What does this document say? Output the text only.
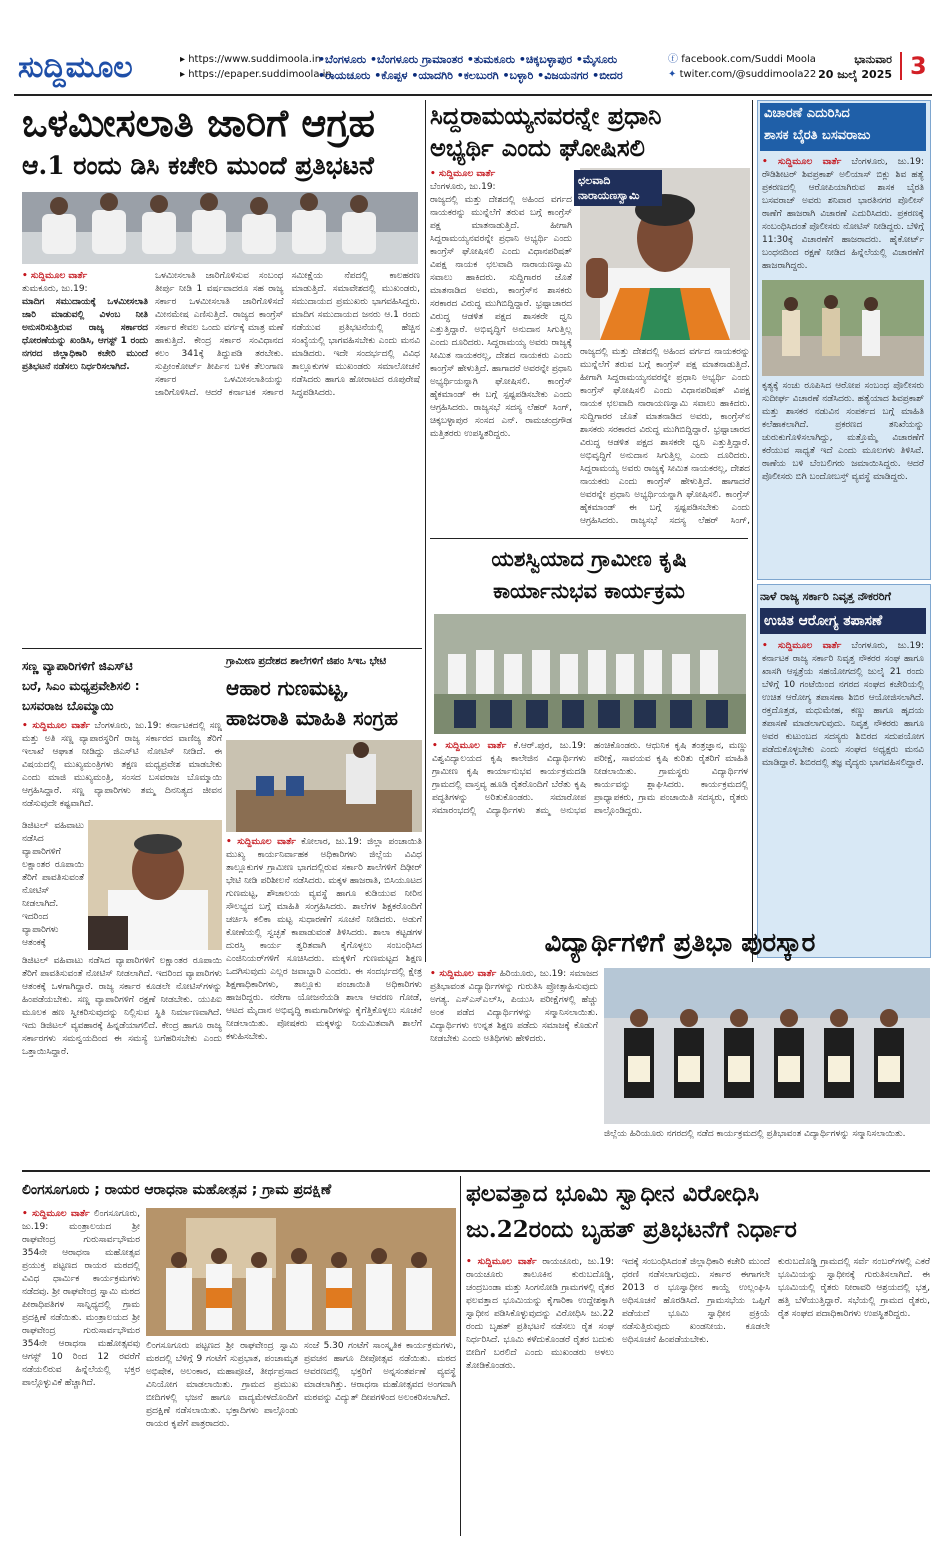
ಸುದ್ದಿಮೂಲ	▸ https://www.suddimoola.in
▸ https://epaper.suddimoola.in
•ಬೆಂಗಳೂರು •ಬೆಂಗಳೂರು ಗ್ರಾಮಾಂತರ •ತುಮಕೂರು •ಚಿಕ್ಕಬಳ್ಳಾಪುರ •ಮೈಸೂರು
•ರಾಯಚೂರು •ಕೊಪ್ಪಳ •ಯಾದಗಿರಿ •ಕಲಬುರಗಿ •ಬಳ್ಳಾರಿ •ವಿಜಯನಗರ •ಬೀದರ
ⓕ facebook.com/Suddi Moola
✦ twiter.com/@suddimoola22
ಭಾನುವಾರ
20 ಜುಲೈ 2025 3
ಒಳಮೀಸಲಾತಿ ಜಾರಿಗೆ ಆಗ್ರಹ
ಆ.1 ರಂದು ಡಿಸಿ ಕಚೇರಿ ಮುಂದೆ ಪ್ರತಿಭಟನೆ
• ಸುದ್ದಿಮೂಲ ವಾರ್ತೆ
ತುಮಕೂರು, ಜು.19:
ಮಾದಿಗ ಸಮುದಾಯಕ್ಕೆ ಒಳಮೀಸಲಾತಿ ಜಾರಿ ಮಾಡುವಲ್ಲಿ ವಿಳಂಬ ನೀತಿ ಅನುಸರಿಸುತ್ತಿರುವ ರಾಜ್ಯ ಸರ್ಕಾರದ ಧೋರಣೆಯನ್ನು ಖಂಡಿಸಿ, ಆಗಸ್ಟ್ 1 ರಂದು ನಗರದ ಜಿಲ್ಲಾಧಿಕಾರಿ ಕಚೇರಿ ಮುಂದೆ ಪ್ರತಿಭಟನೆ ನಡೆಸಲು ನಿರ್ಧರಿಸಲಾಗಿದೆ.
ಒಳಮೀಸಲಾತಿ ಜಾರಿಗೊಳಿಸುವ ಸಂಬಂಧ ತೀರ್ಪು ನೀಡಿ 1 ವರ್ಷವಾದರೂ ಸಹ ರಾಜ್ಯ ಸರ್ಕಾರ ಒಳಮೀಸಲಾತಿ ಜಾರಿಗೊಳಿಸದೆ ಮೀನಮೇಷ ಎಣಿಸುತ್ತಿದೆ. ರಾಜ್ಯದ ಕಾಂಗ್ರೆಸ್ ಸರ್ಕಾರ ಕೇವಲ ಒಂದು ವರ್ಗಕ್ಕೆ ಮಾತ್ರ ಮಣೆ ಹಾಕುತ್ತಿದೆ. ಕೇಂದ್ರ ಸರ್ಕಾರ ಸಂವಿಧಾನದ ಕಲಂ 341ಕ್ಕೆ ತಿದ್ದುಪಡಿ ತರಬೇಕು. ಸುಪ್ರೀಂಕೋರ್ಟ್ ತೀರ್ಪಿನ ಬಳಿಕ ತೆಲಂಗಾಣ ಸರ್ಕಾರ ಒಳಮೀಸಲಾತಿಯನ್ನು ಜಾರಿಗೊಳಿಸಿದೆ. ಆದರೆ ಕರ್ನಾಟಕ ಸರ್ಕಾರ ಸಮೀಕ್ಷೆಯ ನೆಪದಲ್ಲಿ ಕಾಲಹರಣ ಮಾಡುತ್ತಿದೆ. ಸಮಾವೇಶದಲ್ಲಿ ಮುಖಂಡರು, ಸಮುದಾಯದ ಪ್ರಮುಖರು ಭಾಗವಹಿಸಿದ್ದರು. ಮಾದಿಗ ಸಮುದಾಯದ ಜನರು ಆ.1 ರಂದು ನಡೆಯುವ ಪ್ರತಿಭಟನೆಯಲ್ಲಿ ಹೆಚ್ಚಿನ ಸಂಖ್ಯೆಯಲ್ಲಿ ಭಾಗವಹಿಸಬೇಕು ಎಂದು ಮನವಿ ಮಾಡಿದರು. ಇದೇ ಸಂದರ್ಭದಲ್ಲಿ ವಿವಿಧ ತಾಲ್ಲೂಕುಗಳ ಮುಖಂಡರು ಸಮಾಲೋಚನೆ ನಡೆಸಿದರು ಹಾಗೂ ಹೋರಾಟದ ರೂಪುರೇಷೆ ಸಿದ್ಧಪಡಿಸಿದರು.
ಸಿದ್ದರಾಮಯ್ಯನವರನ್ನೇ ಪ್ರಧಾನಿ
ಅಭ್ಯರ್ಥಿ ಎಂದು ಘೋಷಿಸಲಿ
ಛಲವಾದಿ
ನಾರಾಯಣಸ್ವಾಮಿ
• ಸುದ್ದಿಮೂಲ ವಾರ್ತೆ
ಬೆಂಗಳೂರು, ಜು.19:
ರಾಜ್ಯದಲ್ಲಿ ಮತ್ತು ದೇಶದಲ್ಲಿ ಅಹಿಂದ ವರ್ಗದ ನಾಯಕರನ್ನು ಮುನ್ನೆಲೆಗೆ ತರುವ ಬಗ್ಗೆ ಕಾಂಗ್ರೆಸ್ ಪಕ್ಷ ಮಾತನಾಡುತ್ತಿದೆ. ಹೀಗಾಗಿ ಸಿದ್ದರಾಮಯ್ಯನವರನ್ನೇ ಪ್ರಧಾನಿ ಅಭ್ಯರ್ಥಿ ಎಂದು ಕಾಂಗ್ರೆಸ್ ಘೋಷಿಸಲಿ ಎಂದು ವಿಧಾನಪರಿಷತ್ ವಿಪಕ್ಷ ನಾಯಕ ಛಲವಾದಿ ನಾರಾಯಣಸ್ವಾಮಿ ಸವಾಲು ಹಾಕಿದರು. ಸುದ್ದಿಗಾರರ ಜೊತೆ ಮಾತನಾಡಿದ ಅವರು, ಕಾಂಗ್ರೆಸ್‌ನ ಶಾಸಕರು ಸರಕಾರದ ವಿರುದ್ಧ ಮುಗಿಬಿದ್ದಿದ್ದಾರೆ. ಭ್ರಷ್ಟಾಚಾರದ ವಿರುದ್ಧ ಆಡಳಿತ ಪಕ್ಷದ ಶಾಸಕರೇ ಧ್ವನಿ ಎತ್ತುತ್ತಿದ್ದಾರೆ. ಅಭಿವೃದ್ಧಿಗೆ ಅನುದಾನ ಸಿಗುತ್ತಿಲ್ಲ ಎಂದು ದೂರಿದರು. ಸಿದ್ದರಾಮಯ್ಯ ಅವರು ರಾಜ್ಯಕ್ಕೆ ಸೀಮಿತ ನಾಯಕರಲ್ಲ, ದೇಶದ ನಾಯಕರು ಎಂದು ಕಾಂಗ್ರೆಸ್ ಹೇಳುತ್ತಿದೆ. ಹಾಗಾದರೆ ಅವರನ್ನೇ ಪ್ರಧಾನಿ ಅಭ್ಯರ್ಥಿಯನ್ನಾಗಿ ಘೋಷಿಸಲಿ. ಕಾಂಗ್ರೆಸ್ ಹೈಕಮಾಂಡ್ ಈ ಬಗ್ಗೆ ಸ್ಪಷ್ಟಪಡಿಸಬೇಕು ಎಂದು ಆಗ್ರಹಿಸಿದರು. ರಾಜ್ಯಸಭೆ ಸದಸ್ಯ ಲೆಹರ್ ಸಿಂಗ್, ಚಿಕ್ಕಬಳ್ಳಾಪುರ ಸಂಸದ ಎನ್. ರಾಮಚಂದ್ರಗೌಡ ಮತ್ತಿತರರು ಉಪಸ್ಥಿತರಿದ್ದರು.
ರಾಜ್ಯದಲ್ಲಿ ಮತ್ತು ದೇಶದಲ್ಲಿ ಅಹಿಂದ ವರ್ಗದ ನಾಯಕರನ್ನು ಮುನ್ನೆಲೆಗೆ ತರುವ ಬಗ್ಗೆ ಕಾಂಗ್ರೆಸ್ ಪಕ್ಷ ಮಾತನಾಡುತ್ತಿದೆ. ಹೀಗಾಗಿ ಸಿದ್ದರಾಮಯ್ಯನವರನ್ನೇ ಪ್ರಧಾನಿ ಅಭ್ಯರ್ಥಿ ಎಂದು ಕಾಂಗ್ರೆಸ್ ಘೋಷಿಸಲಿ ಎಂದು ವಿಧಾನಪರಿಷತ್ ವಿಪಕ್ಷ ನಾಯಕ ಛಲವಾದಿ ನಾರಾಯಣಸ್ವಾಮಿ ಸವಾಲು ಹಾಕಿದರು. ಸುದ್ದಿಗಾರರ ಜೊತೆ ಮಾತನಾಡಿದ ಅವರು, ಕಾಂಗ್ರೆಸ್‌ನ ಶಾಸಕರು ಸರಕಾರದ ವಿರುದ್ಧ ಮುಗಿಬಿದ್ದಿದ್ದಾರೆ. ಭ್ರಷ್ಟಾಚಾರದ ವಿರುದ್ಧ ಆಡಳಿತ ಪಕ್ಷದ ಶಾಸಕರೇ ಧ್ವನಿ ಎತ್ತುತ್ತಿದ್ದಾರೆ. ಅಭಿವೃದ್ಧಿಗೆ ಅನುದಾನ ಸಿಗುತ್ತಿಲ್ಲ ಎಂದು ದೂರಿದರು. ಸಿದ್ದರಾಮಯ್ಯ ಅವರು ರಾಜ್ಯಕ್ಕೆ ಸೀಮಿತ ನಾಯಕರಲ್ಲ, ದೇಶದ ನಾಯಕರು ಎಂದು ಕಾಂಗ್ರೆಸ್ ಹೇಳುತ್ತಿದೆ. ಹಾಗಾದರೆ ಅವರನ್ನೇ ಪ್ರಧಾನಿ ಅಭ್ಯರ್ಥಿಯನ್ನಾಗಿ ಘೋಷಿಸಲಿ. ಕಾಂಗ್ರೆಸ್ ಹೈಕಮಾಂಡ್ ಈ ಬಗ್ಗೆ ಸ್ಪಷ್ಟಪಡಿಸಬೇಕು ಎಂದು ಆಗ್ರಹಿಸಿದರು. ರಾಜ್ಯಸಭೆ ಸದಸ್ಯ ಲೆಹರ್ ಸಿಂಗ್,
ವಿಚಾರಣೆ ಎದುರಿಸಿದ
ಶಾಸಕ ಬೈರತಿ ಬಸವರಾಜು
• ಸುದ್ದಿಮೂಲ ವಾರ್ತೆ ಬೆಂಗಳೂರು, ಜು.19: ರೌಡಿಶೀಟರ್ ಶಿವಪ್ರಕಾಶ್ ಅಲಿಯಾಸ್ ಬಿಕ್ಲು ಶಿವ ಹತ್ಯೆ ಪ್ರಕರಣದಲ್ಲಿ ಆರೋಪಿಯಾಗಿರುವ ಶಾಸಕ ಬೈರತಿ ಬಸವರಾಜ್ ಅವರು ಶನಿವಾರ ಭಾರತಿನಗರ ಪೊಲೀಸ್ ಠಾಣೆಗೆ ಹಾಜರಾಗಿ ವಿಚಾರಣೆ ಎದುರಿಸಿದರು. ಪ್ರಕರಣಕ್ಕೆ ಸಂಬಂಧಿಸಿದಂತೆ ಪೊಲೀಸರು ನೋಟಿಸ್ ನೀಡಿದ್ದರು. ಬೆಳಿಗ್ಗೆ 11:30ಕ್ಕೆ ವಿಚಾರಣೆಗೆ ಹಾಜರಾದರು. ಹೈಕೋರ್ಟ್ ಬಂಧನದಿಂದ ರಕ್ಷಣೆ ನೀಡಿದ ಹಿನ್ನೆಲೆಯಲ್ಲಿ ವಿಚಾರಣೆಗೆ ಹಾಜರಾಗಿದ್ದರು.
ಕೃತ್ಯಕ್ಕೆ ಸಂಚು ರೂಪಿಸಿದ ಆರೋಪ ಸಂಬಂಧ ಪೊಲೀಸರು ಸುದೀರ್ಘ ವಿಚಾರಣೆ ನಡೆಸಿದರು. ಹತ್ಯೆಯಾದ ಶಿವಪ್ರಕಾಶ್ ಮತ್ತು ಶಾಸಕರ ನಡುವಿನ ಸಂಪರ್ಕದ ಬಗ್ಗೆ ಮಾಹಿತಿ ಕಲೆಹಾಕಲಾಗಿದೆ. ಪ್ರಕರಣದ ತನಿಖೆಯನ್ನು ಚುರುಕುಗೊಳಿಸಲಾಗಿದ್ದು, ಮತ್ತೊಮ್ಮೆ ವಿಚಾರಣೆಗೆ ಕರೆಯುವ ಸಾಧ್ಯತೆ ಇದೆ ಎಂದು ಮೂಲಗಳು ತಿಳಿಸಿವೆ. ಠಾಣೆಯ ಬಳಿ ಬೆಂಬಲಿಗರು ಜಮಾಯಿಸಿದ್ದರು. ಆದರೆ ಪೊಲೀಸರು ಬಿಗಿ ಬಂದೋಬಸ್ತ್ ವ್ಯವಸ್ಥೆ ಮಾಡಿದ್ದರು.
ನಾಳೆ ರಾಜ್ಯ ಸರ್ಕಾರಿ ನಿವೃತ್ತ ನೌಕರರಿಗೆ
ಉಚಿತ ಆರೋಗ್ಯ ತಪಾಸಣೆ
• ಸುದ್ದಿಮೂಲ ವಾರ್ತೆ ಬೆಂಗಳೂರು, ಜು.19: ಕರ್ನಾಟಕ ರಾಜ್ಯ ಸರ್ಕಾರಿ ನಿವೃತ್ತ ನೌಕರರ ಸಂಘ ಹಾಗೂ ಖಾಸಗಿ ಆಸ್ಪತ್ರೆಯ ಸಹಯೋಗದಲ್ಲಿ ಜುಲೈ 21 ರಂದು ಬೆಳಿಗ್ಗೆ 10 ಗಂಟೆಯಿಂದ ನಗರದ ಸಂಘದ ಕಚೇರಿಯಲ್ಲಿ ಉಚಿತ ಆರೋಗ್ಯ ತಪಾಸಣಾ ಶಿಬಿರ ಆಯೋಜಿಸಲಾಗಿದೆ. ರಕ್ತದೊತ್ತಡ, ಮಧುಮೇಹ, ಕಣ್ಣು ಹಾಗೂ ಹೃದಯ ತಪಾಸಣೆ ಮಾಡಲಾಗುವುದು. ನಿವೃತ್ತ ನೌಕರರು ಹಾಗೂ ಅವರ ಕುಟುಂಬದ ಸದಸ್ಯರು ಶಿಬಿರದ ಸದುಪಯೋಗ ಪಡೆದುಕೊಳ್ಳಬೇಕು ಎಂದು ಸಂಘದ ಅಧ್ಯಕ್ಷರು ಮನವಿ ಮಾಡಿದ್ದಾರೆ. ಶಿಬಿರದಲ್ಲಿ ತಜ್ಞ ವೈದ್ಯರು ಭಾಗವಹಿಸಲಿದ್ದಾರೆ.
ಯಶಸ್ವಿಯಾದ ಗ್ರಾಮೀಣ ಕೃಷಿ
ಕಾರ್ಯಾನುಭವ ಕಾರ್ಯಕ್ರಮ
• ಸುದ್ದಿಮೂಲ ವಾರ್ತೆ ಕೆ.ಆರ್.ಪುರ, ಜು.19: ವಿಶ್ವವಿದ್ಯಾಲಯದ ಕೃಷಿ ಕಾಲೇಜಿನ ವಿದ್ಯಾರ್ಥಿಗಳು ಗ್ರಾಮೀಣ ಕೃಷಿ ಕಾರ್ಯಾನುಭವ ಕಾರ್ಯಕ್ರಮದಡಿ ಗ್ರಾಮದಲ್ಲಿ ವಾಸ್ತವ್ಯ ಹೂಡಿ ರೈತರೊಂದಿಗೆ ಬೆರೆತು ಕೃಷಿ ಪದ್ಧತಿಗಳನ್ನು ಅರಿತುಕೊಂಡರು. ಸಮಾರೋಪ ಸಮಾರಂಭದಲ್ಲಿ ವಿದ್ಯಾರ್ಥಿಗಳು ತಮ್ಮ ಅನುಭವ ಹಂಚಿಕೊಂಡರು. ಆಧುನಿಕ ಕೃಷಿ ತಂತ್ರಜ್ಞಾನ, ಮಣ್ಣು ಪರೀಕ್ಷೆ, ಸಾವಯವ ಕೃಷಿ ಕುರಿತು ರೈತರಿಗೆ ಮಾಹಿತಿ ನೀಡಲಾಯಿತು. ಗ್ರಾಮಸ್ಥರು ವಿದ್ಯಾರ್ಥಿಗಳ ಕಾರ್ಯವನ್ನು ಶ್ಲಾಘಿಸಿದರು. ಕಾರ್ಯಕ್ರಮದಲ್ಲಿ ಪ್ರಾಧ್ಯಾಪಕರು, ಗ್ರಾಮ ಪಂಚಾಯಿತಿ ಸದಸ್ಯರು, ರೈತರು ಪಾಲ್ಗೊಂಡಿದ್ದರು.
ಸಣ್ಣ ವ್ಯಾಪಾರಿಗಳಿಗೆ ಜಿಎಸ್‌ಟಿ
ಬರೆ, ಸಿಎಂ ಮಧ್ಯಪ್ರವೇಶಿಸಲಿ :
ಬಸವರಾಜ ಬೊಮ್ಮಾಯಿ
• ಸುದ್ದಿಮೂಲ ವಾರ್ತೆ ಬೆಂಗಳೂರು, ಜು.19: ಕರ್ನಾಟಕದಲ್ಲಿ ಸಣ್ಣ ಮತ್ತು ಅತಿ ಸಣ್ಣ ವ್ಯಾಪಾರಸ್ಥರಿಗೆ ರಾಜ್ಯ ಸರ್ಕಾರದ ವಾಣಿಜ್ಯ ತೆರಿಗೆ ಇಲಾಖೆ ಆಘಾತ ನೀಡಿದ್ದು ಜಿಎಸ್‌ಟಿ ನೋಟಿಸ್ ನೀಡಿದೆ. ಈ ವಿಷಯದಲ್ಲಿ ಮುಖ್ಯಮಂತ್ರಿಗಳು ತಕ್ಷಣ ಮಧ್ಯಪ್ರವೇಶ ಮಾಡಬೇಕು ಎಂದು ಮಾಜಿ ಮುಖ್ಯಮಂತ್ರಿ, ಸಂಸದ ಬಸವರಾಜ ಬೊಮ್ಮಾಯಿ ಆಗ್ರಹಿಸಿದ್ದಾರೆ. ಸಣ್ಣ ವ್ಯಾಪಾರಿಗಳು ತಮ್ಮ ದಿನನಿತ್ಯದ ಜೀವನ ನಡೆಸುವುದೇ ಕಷ್ಟವಾಗಿದೆ.
ಡಿಜಿಟಲ್ ವಹಿವಾಟು ನಡೆಸಿದ ವ್ಯಾಪಾರಿಗಳಿಗೆ ಲಕ್ಷಾಂತರ ರೂಪಾಯಿ ತೆರಿಗೆ ಪಾವತಿಸುವಂತೆ ನೋಟಿಸ್ ನೀಡಲಾಗಿದೆ. ಇದರಿಂದ ವ್ಯಾಪಾರಿಗಳು ಆತಂಕಕ್ಕೆ
ಡಿಜಿಟಲ್ ವಹಿವಾಟು ನಡೆಸಿದ ವ್ಯಾಪಾರಿಗಳಿಗೆ ಲಕ್ಷಾಂತರ ರೂಪಾಯಿ ತೆರಿಗೆ ಪಾವತಿಸುವಂತೆ ನೋಟಿಸ್ ನೀಡಲಾಗಿದೆ. ಇದರಿಂದ ವ್ಯಾಪಾರಿಗಳು ಆತಂಕಕ್ಕೆ ಒಳಗಾಗಿದ್ದಾರೆ. ರಾಜ್ಯ ಸರ್ಕಾರ ಕೂಡಲೇ ನೋಟಿಸ್‌ಗಳನ್ನು ಹಿಂಪಡೆಯಬೇಕು. ಸಣ್ಣ ವ್ಯಾಪಾರಿಗಳಿಗೆ ರಕ್ಷಣೆ ನೀಡಬೇಕು. ಯುಪಿಐ ಮೂಲಕ ಹಣ ಸ್ವೀಕರಿಸುವುದನ್ನು ನಿಲ್ಲಿಸುವ ಸ್ಥಿತಿ ನಿರ್ಮಾಣವಾಗಿದೆ. ಇದು ಡಿಜಿಟಲ್ ವ್ಯವಹಾರಕ್ಕೆ ಹಿನ್ನಡೆಯಾಗಲಿದೆ. ಕೇಂದ್ರ ಹಾಗೂ ರಾಜ್ಯ ಸರ್ಕಾರಗಳು ಸಮನ್ವಯದಿಂದ ಈ ಸಮಸ್ಯೆ ಬಗೆಹರಿಸಬೇಕು ಎಂದು ಒತ್ತಾಯಿಸಿದ್ದಾರೆ.
ಗ್ರಾಮೀಣ ಪ್ರದೇಶದ ಶಾಲೆಗಳಿಗೆ ಜಿಪಂ ಸಿಇಒ ಭೇಟಿ
ಆಹಾರ ಗುಣಮಟ್ಟ,
ಹಾಜರಾತಿ ಮಾಹಿತಿ ಸಂಗ್ರಹ
• ಸುದ್ದಿಮೂಲ ವಾರ್ತೆ ಕೋಲಾರ, ಜು.19: ಜಿಲ್ಲಾ ಪಂಚಾಯಿತಿ ಮುಖ್ಯ ಕಾರ್ಯನಿರ್ವಾಹಕ ಅಧಿಕಾರಿಗಳು ಜಿಲ್ಲೆಯ ವಿವಿಧ ತಾಲ್ಲೂಕುಗಳ ಗ್ರಾಮೀಣ ಭಾಗದಲ್ಲಿರುವ ಸರ್ಕಾರಿ ಶಾಲೆಗಳಿಗೆ ದಿಢೀರ್ ಭೇಟಿ ನೀಡಿ ಪರಿಶೀಲನೆ ನಡೆಸಿದರು. ಮಕ್ಕಳ ಹಾಜರಾತಿ, ಬಿಸಿಯೂಟದ ಗುಣಮಟ್ಟ, ಶೌಚಾಲಯ ವ್ಯವಸ್ಥೆ ಹಾಗೂ ಕುಡಿಯುವ ನೀರಿನ ಸೌಲಭ್ಯದ ಬಗ್ಗೆ ಮಾಹಿತಿ ಸಂಗ್ರಹಿಸಿದರು. ಶಾಲೆಗಳ ಶಿಕ್ಷಕರೊಂದಿಗೆ ಚರ್ಚಿಸಿ ಕಲಿಕಾ ಮಟ್ಟ ಸುಧಾರಣೆಗೆ ಸೂಚನೆ ನೀಡಿದರು. ಅಡುಗೆ ಕೋಣೆಯಲ್ಲಿ ಸ್ವಚ್ಛತೆ ಕಾಪಾಡುವಂತೆ ತಿಳಿಸಿದರು. ಶಾಲಾ ಕಟ್ಟಡಗಳ ದುರಸ್ತಿ ಕಾರ್ಯ ತ್ವರಿತವಾಗಿ ಕೈಗೊಳ್ಳಲು ಸಂಬಂಧಿಸಿದ ಎಂಜಿನಿಯರ್‌ಗಳಿಗೆ ಸೂಚಿಸಿದರು. ಮಕ್ಕಳಿಗೆ ಗುಣಮಟ್ಟದ ಶಿಕ್ಷಣ ಒದಗಿಸುವುದು ಎಲ್ಲರ ಜವಾಬ್ದಾರಿ ಎಂದರು. ಈ ಸಂದರ್ಭದಲ್ಲಿ ಕ್ಷೇತ್ರ ಶಿಕ್ಷಣಾಧಿಕಾರಿಗಳು, ತಾಲ್ಲೂಕು ಪಂಚಾಯಿತಿ ಅಧಿಕಾರಿಗಳು ಹಾಜರಿದ್ದರು. ನರೇಗಾ ಯೋಜನೆಯಡಿ ಶಾಲಾ ಆವರಣ ಗೋಡೆ, ಆಟದ ಮೈದಾನ ಅಭಿವೃದ್ಧಿ ಕಾಮಗಾರಿಗಳನ್ನು ಕೈಗೆತ್ತಿಕೊಳ್ಳಲು ಸೂಚನೆ ನೀಡಲಾಯಿತು. ಪೋಷಕರು ಮಕ್ಕಳನ್ನು ನಿಯಮಿತವಾಗಿ ಶಾಲೆಗೆ ಕಳುಹಿಸಬೇಕು.
ವಿದ್ಯಾರ್ಥಿಗಳಿಗೆ ಪ್ರತಿಭಾ ಪುರಸ್ಕಾರ
• ಸುದ್ದಿಮೂಲ ವಾರ್ತೆ ಹಿರಿಯೂರು, ಜು.19: ಸಮಾಜದ ಪ್ರತಿಭಾವಂತ ವಿದ್ಯಾರ್ಥಿಗಳನ್ನು ಗುರುತಿಸಿ ಪ್ರೋತ್ಸಾಹಿಸುವುದು ಅಗತ್ಯ. ಎಸ್ಎಸ್ಎಲ್‌ಸಿ, ಪಿಯುಸಿ ಪರೀಕ್ಷೆಗಳಲ್ಲಿ ಹೆಚ್ಚು ಅಂಕ ಪಡೆದ ವಿದ್ಯಾರ್ಥಿಗಳನ್ನು ಸನ್ಮಾನಿಸಲಾಯಿತು. ವಿದ್ಯಾರ್ಥಿಗಳು ಉನ್ನತ ಶಿಕ್ಷಣ ಪಡೆದು ಸಮಾಜಕ್ಕೆ ಕೊಡುಗೆ ನೀಡಬೇಕು ಎಂದು ಅತಿಥಿಗಳು ಹೇಳಿದರು.
ಜಿಲ್ಲೆಯ ಹಿರಿಯೂರು ನಗರದಲ್ಲಿ ನಡೆದ ಕಾರ್ಯಕ್ರಮದಲ್ಲಿ ಪ್ರತಿಭಾವಂತ ವಿದ್ಯಾರ್ಥಿಗಳನ್ನು ಸನ್ಮಾನಿಸಲಾಯಿತು.
ಲಿಂಗಸೂಗೂರು ; ರಾಯರ ಆರಾಧನಾ ಮಹೋತ್ಸವ ; ಗ್ರಾಮ ಪ್ರದಕ್ಷಿಣೆ
• ಸುದ್ದಿಮೂಲ ವಾರ್ತೆ ಲಿಂಗಸೂಗೂರು, ಜು.19: ಮಂತ್ರಾಲಯದ ಶ್ರೀ ರಾಘವೇಂದ್ರ ಗುರುಸಾರ್ವಭೌಮರ 354ನೇ ಆರಾಧನಾ ಮಹೋತ್ಸವ ಪ್ರಯುಕ್ತ ಪಟ್ಟಣದ ರಾಯರ ಮಠದಲ್ಲಿ ವಿವಿಧ ಧಾರ್ಮಿಕ ಕಾರ್ಯಕ್ರಮಗಳು ನಡೆದವು. ಶ್ರೀ ರಾಘವೇಂದ್ರ ಸ್ವಾಮಿ ಮಠದ ಪೀಠಾಧಿಪತಿಗಳ ಸಾನ್ನಿಧ್ಯದಲ್ಲಿ ಗ್ರಾಮ ಪ್ರದಕ್ಷಿಣೆ ನಡೆಯಿತು. ಮಂತ್ರಾಲಯದ ಶ್ರೀ ರಾಘವೇಂದ್ರ ಗುರುಸಾರ್ವಭೌಮರ 354ನೇ ಆರಾಧನಾ ಮಹೋತ್ಸವವು ಆಗಸ್ಟ್ 10 ರಿಂದ 12 ರವರೆಗೆ ನಡೆಯಲಿರುವ ಹಿನ್ನೆಲೆಯಲ್ಲಿ ಭಕ್ತರ ಪಾಲ್ಗೊಳ್ಳುವಿಕೆ ಹೆಚ್ಚಾಗಿದೆ.
ಲಿಂಗಸೂಗೂರು ಪಟ್ಟಣದ ಶ್ರೀ ರಾಘವೇಂದ್ರ ಸ್ವಾಮಿ ಮಠದಲ್ಲಿ ಬೆಳಿಗ್ಗೆ 9 ಗಂಟೆಗೆ ಸುಪ್ರಭಾತ, ಪಂಚಾಮೃತ ಅಭಿಷೇಕ, ಅಲಂಕಾರ, ಮಹಾಪೂಜೆ, ತೀರ್ಥಪ್ರಸಾದ ವಿನಿಯೋಗ ಮಾಡಲಾಯಿತು. ಗ್ರಾಮದ ಪ್ರಮುಖ ಬೀದಿಗಳಲ್ಲಿ ಭಜನೆ ಹಾಗೂ ವಾದ್ಯಮೇಳದೊಂದಿಗೆ ಪ್ರದಕ್ಷಿಣೆ ನಡೆಸಲಾಯಿತು. ಭಕ್ತಾದಿಗಳು ಪಾಲ್ಗೊಂಡು ರಾಯರ ಕೃಪೆಗೆ ಪಾತ್ರರಾದರು.
ಸಂಜೆ 5.30 ಗಂಟೆಗೆ ಸಾಂಸ್ಕೃತಿಕ ಕಾರ್ಯಕ್ರಮಗಳು, ಪ್ರವಚನ ಹಾಗೂ ದೀಪೋತ್ಸವ ನಡೆಯಿತು. ಮಠದ ಆವರಣದಲ್ಲಿ ಭಕ್ತರಿಗೆ ಅನ್ನಸಂತರ್ಪಣೆ ವ್ಯವಸ್ಥೆ ಮಾಡಲಾಗಿತ್ತು. ಆರಾಧನಾ ಮಹೋತ್ಸವದ ಅಂಗವಾಗಿ ಮಠವನ್ನು ವಿದ್ಯುತ್ ದೀಪಗಳಿಂದ ಅಲಂಕರಿಸಲಾಗಿದೆ.
ಫಲವತ್ತಾದ ಭೂಮಿ ಸ್ವಾಧೀನ ವಿರೋಧಿಸಿ
ಜು.22ರಂದು ಬೃಹತ್ ಪ್ರತಿಭಟನೆಗೆ ನಿರ್ಧಾರ
• ಸುದ್ದಿಮೂಲ ವಾರ್ತೆ ರಾಯಚೂರು, ಜು.19: ರಾಯಚೂರು ತಾಲೂಕಿನ ಕುರುಬದೊಡ್ಡಿ, ಚಂದ್ರಬಂಡಾ ಮತ್ತು ಸಿಂಗನೋಡಿ ಗ್ರಾಮಗಳಲ್ಲಿ ರೈತರ ಫಲವತ್ತಾದ ಭೂಮಿಯನ್ನು ಕೈಗಾರಿಕಾ ಉದ್ದೇಶಕ್ಕಾಗಿ ಸ್ವಾಧೀನ ಪಡಿಸಿಕೊಳ್ಳುವುದನ್ನು ವಿರೋಧಿಸಿ ಜು.22 ರಂದು ಬೃಹತ್ ಪ್ರತಿಭಟನೆ ನಡೆಸಲು ರೈತ ಸಂಘ ನಿರ್ಧರಿಸಿದೆ. ಭೂಮಿ ಕಳೆದುಕೊಂಡರೆ ರೈತರ ಬದುಕು ಬೀದಿಗೆ ಬರಲಿದೆ ಎಂದು ಮುಖಂಡರು ಅಳಲು ತೋಡಿಕೊಂಡರು.
ಇದಕ್ಕೆ ಸಂಬಂಧಿಸಿದಂತೆ ಜಿಲ್ಲಾಧಿಕಾರಿ ಕಚೇರಿ ಮುಂದೆ ಧರಣಿ ನಡೆಸಲಾಗುವುದು. ಸರ್ಕಾರ ಈಗಾಗಲೇ 2013 ರ ಭೂಸ್ವಾಧೀನ ಕಾಯ್ದೆ ಉಲ್ಲಂಘಿಸಿ ಅಧಿಸೂಚನೆ ಹೊರಡಿಸಿದೆ. ಗ್ರಾಮಸಭೆಯ ಒಪ್ಪಿಗೆ ಪಡೆಯದೆ ಭೂಮಿ ಸ್ವಾಧೀನ ಪ್ರಕ್ರಿಯೆ ನಡೆಸುತ್ತಿರುವುದು ಖಂಡನೀಯ. ಕೂಡಲೇ ಅಧಿಸೂಚನೆ ಹಿಂಪಡೆಯಬೇಕು.
ಕುರುಬದೊಡ್ಡಿ ಗ್ರಾಮದಲ್ಲಿ ಸರ್ವೆ ನಂಬರ್‌ಗಳಲ್ಲಿ ಎಕರೆ ಭೂಮಿಯನ್ನು ಸ್ವಾಧೀನಕ್ಕೆ ಗುರುತಿಸಲಾಗಿದೆ. ಈ ಭೂಮಿಯಲ್ಲಿ ರೈತರು ನೀರಾವರಿ ಆಶ್ರಯದಲ್ಲಿ ಭತ್ತ, ಹತ್ತಿ ಬೆಳೆಯುತ್ತಿದ್ದಾರೆ. ಸಭೆಯಲ್ಲಿ ಗ್ರಾಮದ ರೈತರು, ರೈತ ಸಂಘದ ಪದಾಧಿಕಾರಿಗಳು ಉಪಸ್ಥಿತರಿದ್ದರು.
